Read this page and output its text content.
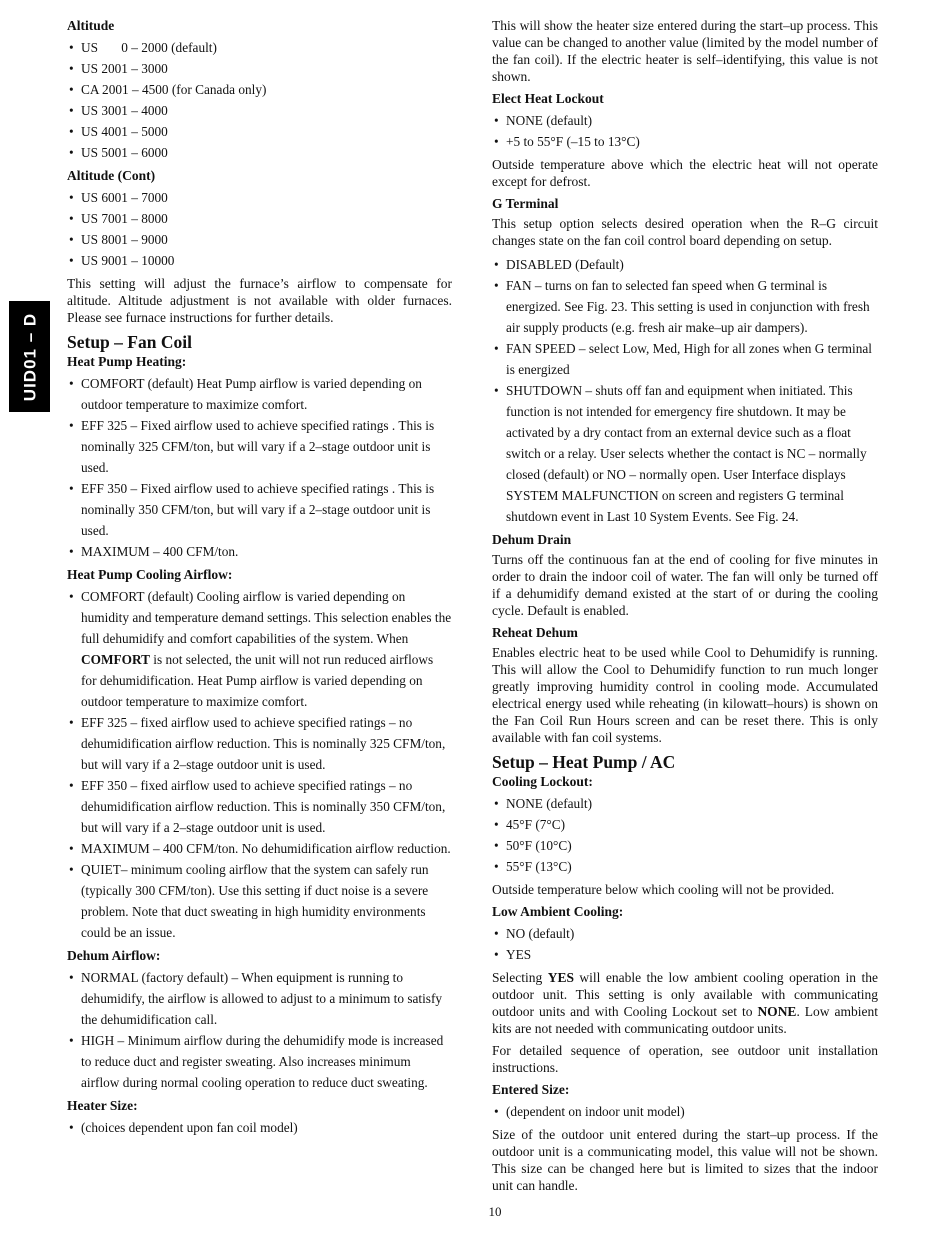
UID01 – D
Altitude
• US       0 – 2000 (default)
• US 2001 – 3000
• CA 2001 – 4500 (for Canada only)
• US 3001 – 4000
• US 4001 – 5000
• US 5001 – 6000
Altitude (Cont)
• US 6001 – 7000
• US 7001 – 8000
• US 8001 – 9000
• US 9001 – 10000

This setting will adjust the furnace’s airflow to compensate for altitude. Altitude adjustment is not available with older furnaces. Please see furnace instructions for further details.

Setup – Fan Coil
Heat Pump Heating:
• COMFORT (default) Heat Pump airflow is varied depending on outdoor temperature to maximize comfort.
• EFF 325 – Fixed airflow used to achieve specified ratings . This is nominally 325 CFM/ton, but will vary if a 2–stage outdoor unit is used.
• EFF 350 – Fixed airflow used to achieve specified ratings . This is nominally 350 CFM/ton, but will vary if a 2–stage outdoor unit is used.
• MAXIMUM – 400 CFM/ton.
Heat Pump Cooling Airflow:
• COMFORT (default) Cooling airflow is varied depending on humidity and temperature demand settings. This selection enables the full dehumidify and comfort capabilities of the system. When COMFORT is not selected, the unit will not run reduced airflows for dehumidification. Heat Pump airflow is varied depending on outdoor temperature to maximize comfort.
• EFF 325 – fixed airflow used to achieve specified ratings – no dehumidification airflow reduction. This is nominally 325 CFM/ton, but will vary if a 2–stage outdoor unit is used.
• EFF 350 – fixed airflow used to achieve specified ratings – no dehumidification airflow reduction. This is nominally 350 CFM/ton, but will vary if a 2–stage outdoor unit is used.
• MAXIMUM – 400 CFM/ton. No dehumidification airflow reduction.
• QUIET– minimum cooling airflow that the system can safely run (typically 300 CFM/ton). Use this setting if duct noise is a severe problem. Note that duct sweating in high humidity environments could be an issue.
Dehum Airflow:
• NORMAL (factory default) – When equipment is running to dehumidify, the airflow is allowed to adjust to a minimum to satisfy the dehumidification call.
• HIGH – Minimum airflow during the dehumidify mode is increased to reduce duct and register sweating. Also increases minimum airflow during normal cooling operation to reduce duct sweating.
Heater Size:
• (choices dependent upon fan coil model)

This will show the heater size entered during the start–up process. This value can be changed to another value (limited by the model number of the fan coil). If the electric heater is self–identifying, this value is not shown.

Elect Heat Lockout
• NONE (default)
• +5 to 55°F (–15 to 13°C)

Outside temperature above which the electric heat will not operate except for defrost.

G Terminal

This setup option selects desired operation when the R–G circuit changes state on the fan coil control board depending on setup.

• DISABLED (Default)
• FAN – turns on fan to selected fan speed when G terminal is energized. See Fig. 23. This setting is used in conjunction with fresh air supply products (e.g. fresh air make–up air dampers).
• FAN SPEED – select Low, Med, High for all zones when G terminal is energized
• SHUTDOWN – shuts off fan and equipment when initiated. This function is not intended for emergency fire shutdown. It may be activated by a dry contact from an external device such as a float switch or a relay. User selects whether the contact is NC – normally closed (default) or NO – normally open. User Interface displays SYSTEM MALFUNCTION on screen and registers G terminal shutdown event in Last 10 System Events. See Fig. 24.
Dehum Drain

Turns off the continuous fan at the end of cooling for five minutes in order to drain the indoor coil of water. The fan will only be turned off if a dehumidify demand existed at the start of or during the cooling cycle. Default is enabled.

Reheat Dehum

Enables electric heat to be used while Cool to Dehumidify is running. This will allow the Cool to Dehumidify function to run much longer greatly improving humidity control in cooling mode. Accumulated electrical energy used while reheating (in kilowatt–hours) is shown on the Fan Coil Run Hours screen and can be reset there. This is only available with fan coil systems.

Setup – Heat Pump / AC
Cooling Lockout:
• NONE (default)
• 45°F (7°C)
• 50°F (10°C)
• 55°F (13°C)

Outside temperature below which cooling will not be provided.

Low Ambient Cooling:
• NO (default)
• YES

Selecting YES will enable the low ambient cooling operation in the outdoor unit. This setting is only available with communicating outdoor units and with Cooling Lockout set to NONE. Low ambient kits are not needed with communicating outdoor units.

For detailed sequence of operation, see outdoor unit installation instructions.

Entered Size:
• (dependent on indoor unit model)

Size of the outdoor unit entered during the start–up process. If the outdoor unit is a communicating model, this value will not be shown. This size can be changed here but is limited to sizes that the indoor unit can handle.

10
